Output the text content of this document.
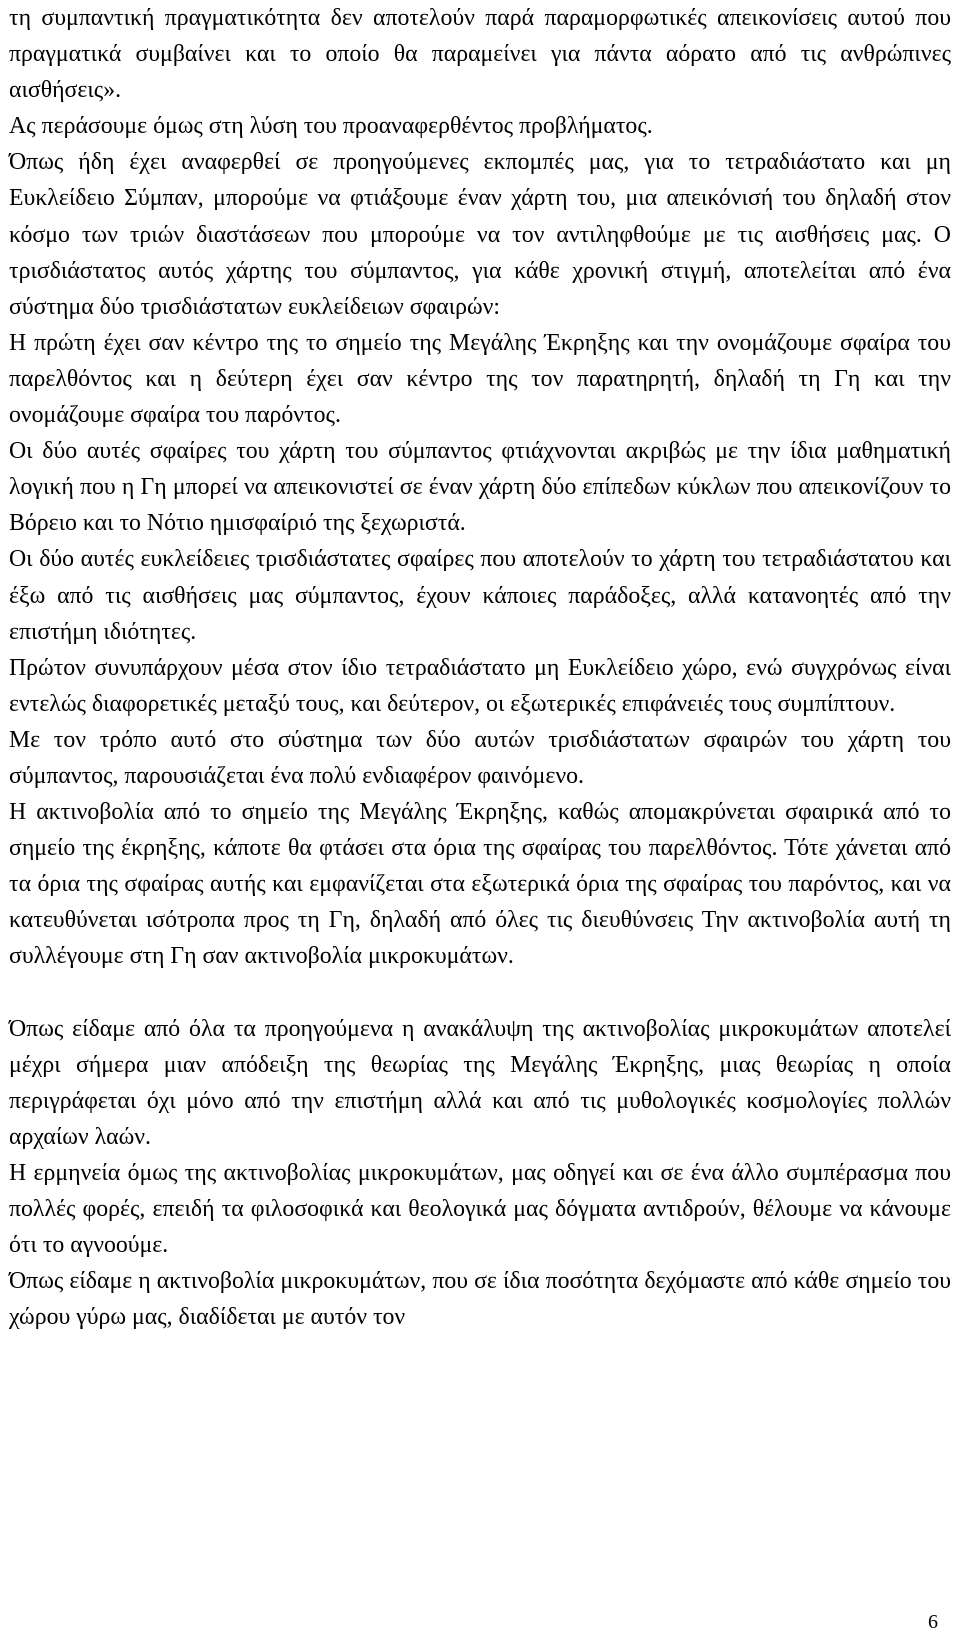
τη συμπαντική πραγματικότητα δεν αποτελούν παρά παραμορφωτικές απεικονίσεις αυτού που πραγματικά συμβαίνει και το οποίο θα παραμείνει για πάντα αόρατο από τις ανθρώπινες αισθήσεις».

Ας περάσουμε όμως στη λύση του προαναφερθέντος προβλήματος.

Όπως ήδη έχει αναφερθεί σε προηγούμενες εκπομπές μας, για το τετραδιάστατο και μη Ευκλείδειο Σύμπαν, μπορούμε να φτιάξουμε έναν χάρτη του, μια απεικόνισή του δηλαδή στον κόσμο των τριών διαστάσεων που μπορούμε να τον αντιληφθούμε με τις αισθήσεις μας. Ο τρισδιάστατος αυτός χάρτης του σύμπαντος, για κάθε χρονική στιγμή, αποτελείται από ένα σύστημα δύο τρισδιάστατων ευκλείδειων σφαιρών:

Η πρώτη έχει σαν κέντρο της το σημείο της Μεγάλης Έκρηξης και την ονομάζουμε σφαίρα του παρελθόντος και η δεύτερη έχει σαν κέντρο της τον παρατηρητή, δηλαδή τη Γη και την ονομάζουμε σφαίρα του παρόντος.

Οι δύο αυτές σφαίρες του χάρτη του σύμπαντος φτιάχνονται ακριβώς με την ίδια μαθηματική λογική που η Γη μπορεί να απεικονιστεί σε έναν χάρτη δύο επίπεδων κύκλων που απεικονίζουν το Βόρειο και το Νότιο ημισφαίριό της ξεχωριστά.

Οι δύο αυτές ευκλείδειες τρισδιάστατες σφαίρες που αποτελούν το χάρτη του τετραδιάστατου και έξω από τις αισθήσεις μας σύμπαντος, έχουν κάποιες παράδοξες, αλλά κατανοητές από την επιστήμη ιδιότητες.

Πρώτον συνυπάρχουν μέσα στον ίδιο τετραδιάστατο μη Ευκλείδειο χώρο, ενώ συγχρόνως είναι εντελώς διαφορετικές μεταξύ τους, και δεύτερον, οι εξωτερικές επιφάνειές τους συμπίπτουν.

Με τον τρόπο αυτό στο σύστημα των δύο αυτών τρισδιάστατων σφαιρών του χάρτη του σύμπαντος, παρουσιάζεται ένα πολύ ενδιαφέρον φαινόμενο.

Η ακτινοβολία από το σημείο της Μεγάλης Έκρηξης, καθώς απομακρύνεται σφαιρικά από το σημείο της έκρηξης, κάποτε θα φτάσει στα όρια της σφαίρας του παρελθόντος. Τότε χάνεται από τα όρια της σφαίρας αυτής και εμφανίζεται στα εξωτερικά όρια της σφαίρας του παρόντος, και να κατευθύνεται ισότροπα προς τη Γη, δηλαδή από όλες τις διευθύνσεις Την ακτινοβολία αυτή τη συλλέγουμε στη Γη σαν ακτινοβολία μικροκυμάτων.

Όπως είδαμε από όλα τα προηγούμενα η ανακάλυψη της ακτινοβολίας μικροκυμάτων αποτελεί μέχρι σήμερα μιαν απόδειξη της θεωρίας της Μεγάλης Έκρηξης, μιας θεωρίας η οποία περιγράφεται όχι μόνο από την επιστήμη αλλά και από τις μυθολογικές κοσμολογίες πολλών αρχαίων λαών.

Η ερμηνεία όμως της ακτινοβολίας μικροκυμάτων, μας οδηγεί και σε ένα άλλο συμπέρασμα που πολλές φορές, επειδή τα φιλοσοφικά και θεολογικά μας δόγματα αντιδρούν, θέλουμε να κάνουμε ότι το αγνοούμε.

Όπως είδαμε η ακτινοβολία μικροκυμάτων, που σε ίδια ποσότητα δεχόμαστε από κάθε σημείο του χώρου γύρω μας, διαδίδεται με αυτόν τον

6
